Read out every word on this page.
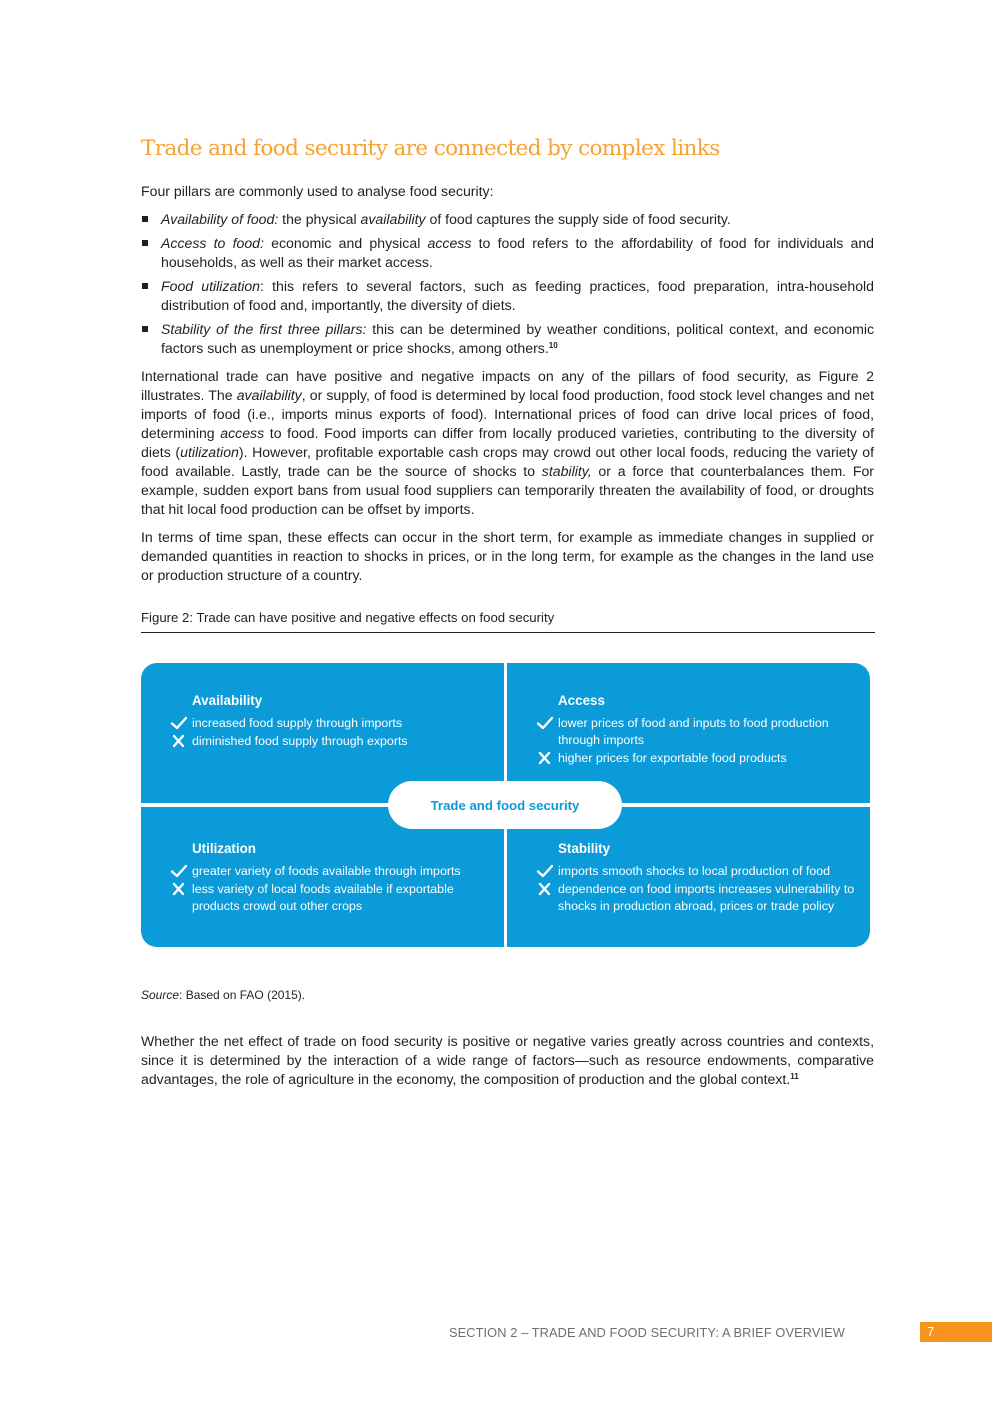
Trade and food security are connected by complex links

Four pillars are commonly used to analyse food security:

Availability of food: the physical availability of food captures the supply side of food security.
Access to food: economic and physical access to food refers to the affordability of food for individuals and households, as well as their market access.
Food utilization: this refers to several factors, such as feeding practices, food preparation, intra-household distribution of food and, importantly, the diversity of diets.
Stability of the first three pillars: this can be determined by weather conditions, political context, and economic factors such as unemployment or price shocks, among others.$^{10}$

International trade can have positive and negative impacts on any of the pillars of food security, as Figure 2 illustrates. The availability, or supply, of food is determined by local food production, food stock level changes and net imports of food (i.e., imports minus exports of food). International prices of food can drive local prices of food, determining access to food. Food imports can differ from locally produced varieties, contributing to the diversity of diets (utilization). However, profitable exportable cash crops may crowd out other local foods, reducing the variety of food available. Lastly, trade can be the source of shocks to stability, or a force that counterbalances them. For example, sudden export bans from usual food suppliers can temporarily threaten the availability of food, or droughts that hit local food production can be offset by imports.

In terms of time span, these effects can occur in the short term, for example as immediate changes in supplied or demanded quantities in reaction to shocks in prices, or in the long term, for example as the changes in the land use or production structure of a country.

Figure 2: Trade can have positive and negative effects on food security

Availability
increased food supply through imports
diminished food supply through exports
Access
lower prices of food and inputs to food production through imports
higher prices for exportable food products
Utilization
greater variety of foods available through imports
less variety of local foods available if exportable products crowd out other crops
Stability
imports smooth shocks to local production of food
dependence on food imports increases vulnerability to shocks in production abroad, prices or trade policy
Trade and food security

Source: Based on FAO (2015).

Whether the net effect of trade on food security is positive or negative varies greatly across countries and contexts, since it is determined by the interaction of a wide range of factors—such as resource endowments, comparative advantages, the role of agriculture in the economy, the composition of production and the global context.$^{11}$

SECTION 2 – TRADE AND FOOD SECURITY: A BRIEF OVERVIEW	7
